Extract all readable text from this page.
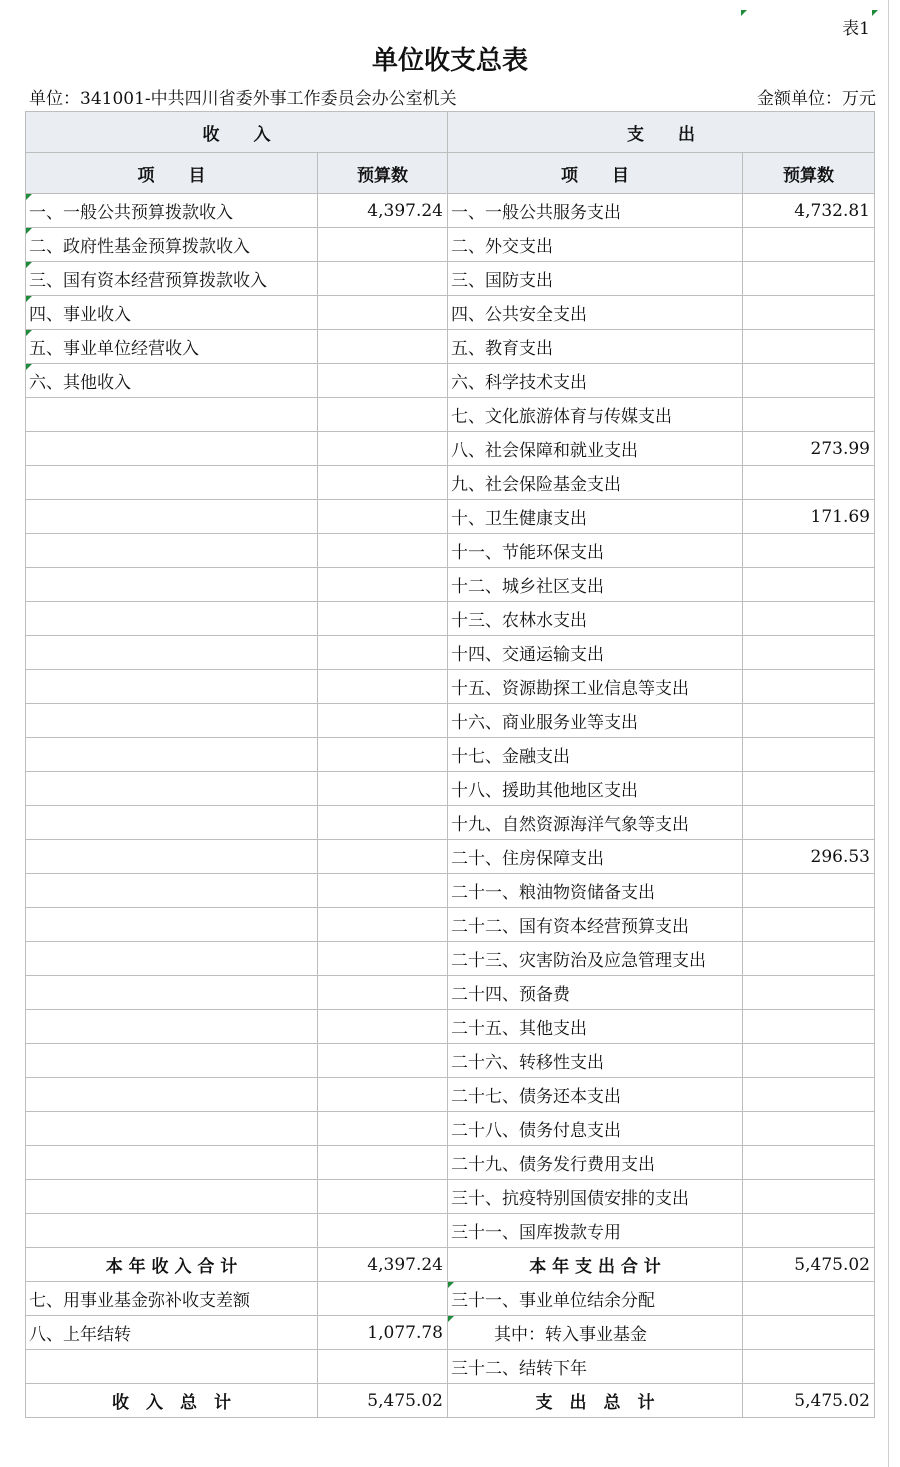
表1
单位收支总表
单位：341001-中共四川省委外事工作委员会办公室机关	金额单位：万元
收　　入		支　　出	
项　　目	预算数	项　　目	预算数
一、一般公共预算拨款收入	4,397.24	一、一般公共服务支出	4,732.81
二、政府性基金预算拨款收入		二、外交支出	
三、国有资本经营预算拨款收入		三、国防支出	
四、事业收入		四、公共安全支出	
五、事业单位经营收入		五、教育支出	
六、其他收入		六、科学技术支出	
		七、文化旅游体育与传媒支出	
		八、社会保障和就业支出	273.99
		九、社会保险基金支出	
		十、卫生健康支出	171.69
		十一、节能环保支出	
		十二、城乡社区支出	
		十三、农林水支出	
		十四、交通运输支出	
		十五、资源勘探工业信息等支出	
		十六、商业服务业等支出	
		十七、金融支出	
		十八、援助其他地区支出	
		十九、自然资源海洋气象等支出	
		二十、住房保障支出	296.53
		二十一、粮油物资储备支出	
		二十二、国有资本经营预算支出	
		二十三、灾害防治及应急管理支出	
		二十四、预备费	
		二十五、其他支出	
		二十六、转移性支出	
		二十七、债务还本支出	
		二十八、债务付息支出	
		二十九、债务发行费用支出	
		三十、抗疫特别国债安排的支出	
		三十一、国库拨款专用	
本 年 收 入 合 计	4,397.24	本 年 支 出 合 计	5,475.02
七、用事业基金弥补收支差额		三十一、事业单位结余分配	
八、上年结转	1,077.78	其中：转入事业基金	
		三十二、结转下年	
收　入　总　计	5,475.02	支　出　总　计	5,475.02
